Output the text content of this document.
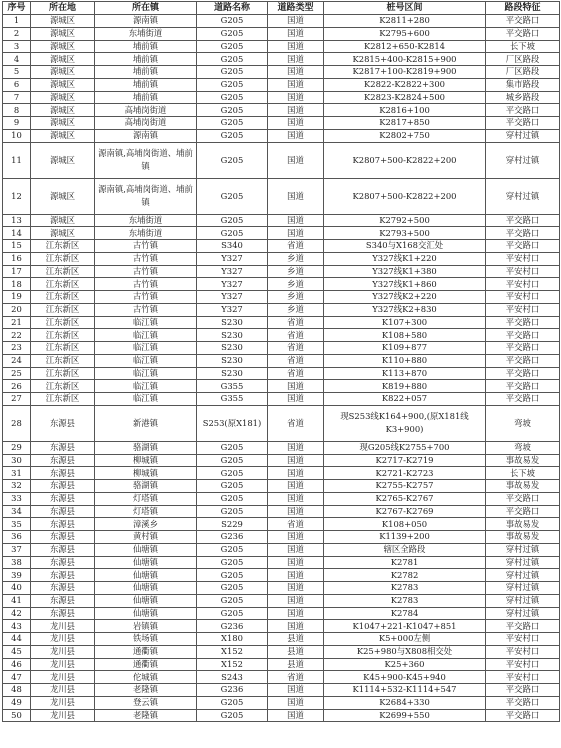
序号	所在地	所在镇	道路名称	道路类型	桩号区间	路段特征
1	源城区	源南镇	G205	国道	K2811+280	平交路口
2	源城区	东埔街道	G205	国道	K2795+600	平交路口
3	源城区	埔前镇	G205	国道	K2812+650-K2814	长下坡
4	源城区	埔前镇	G205	国道	K2815+400-K2815+900	厂区路段
5	源城区	埔前镇	G205	国道	K2817+100-K2819+900	厂区路段
6	源城区	埔前镇	G205	国道	K2822-K2822+300	集市路段
7	源城区	埔前镇	G205	国道	K2823-K2824+500	城乡路段
8	源城区	高埔岗街道	G205	国道	K2816+100	平交路口
9	源城区	高埔岗街道	G205	国道	K2817+850	平交路口
10	源城区	源南镇	G205	国道	K2802+750	穿村过镇
11	源城区	源南镇,高埔岗街道、埔前镇	G205	国道	K2807+500-K2822+200	穿村过镇
12	源城区	源南镇,高埔岗街道、埔前镇	G205	国道	K2807+500-K2822+200	穿村过镇
13	源城区	东埔街道	G205	国道	K2792+500	平交路口
14	源城区	东埔街道	G205	国道	K2793+500	平交路口
15	江东新区	古竹镇	S340	省道	S340与X168交汇处	平交路口
16	江东新区	古竹镇	Y327	乡道	Y327线K1+220	平安村口
17	江东新区	古竹镇	Y327	乡道	Y327线K1+380	平安村口
18	江东新区	古竹镇	Y327	乡道	Y327线K1+860	平安村口
19	江东新区	古竹镇	Y327	乡道	Y327线K2+220	平安村口
20	江东新区	古竹镇	Y327	乡道	Y327线K2+830	平安村口
21	江东新区	临江镇	S230	省道	K107+300	平交路口
22	江东新区	临江镇	S230	省道	K108+580	平交路口
23	江东新区	临江镇	S230	省道	K109+877	平交路口
24	江东新区	临江镇	S230	省道	K110+880	平交路口
25	江东新区	临江镇	S230	省道	K113+870	平交路口
26	江东新区	临江镇	G355	国道	K819+880	平交路口
27	江东新区	临江镇	G355	国道	K822+057	平交路口
28	东源县	新港镇	S253(原X181)	省道	现S253线K164+900,(原X181线K3+900)	弯坡
29	东源县	骆湖镇	G205	国道	现G205线K2755+700	弯坡
30	东源县	柳城镇	G205	国道	K2717-K2719	事故易发
31	东源县	柳城镇	G205	国道	K2721-K2723	长下坡
32	东源县	骆湖镇	G205	国道	K2755-K2757	事故易发
33	东源县	灯塔镇	G205	国道	K2765-K2767	平交路口
34	东源县	灯塔镇	G205	国道	K2767-K2769	平交路口
35	东源县	漳溪乡	S229	省道	K108+050	事故易发
36	东源县	黄村镇	G236	国道	K1139+200	事故易发
37	东源县	仙塘镇	G205	国道	辖区全路段	穿村过镇
38	东源县	仙塘镇	G205	国道	K2781	穿村过镇
39	东源县	仙塘镇	G205	国道	K2782	穿村过镇
40	东源县	仙塘镇	G205	国道	K2783	穿村过镇
41	东源县	仙塘镇	G205	国道	K2783	穿村过镇
42	东源县	仙塘镇	G205	国道	K2784	穿村过镇
43	龙川县	岩镇镇	G236	国道	K1047+221-K1047+851	平交路口
44	龙川县	铁场镇	X180	县道	K5+000左侧	平安村口
45	龙川县	通衢镇	X152	县道	K25+980与X808相交处	平安村口
46	龙川县	通衢镇	X152	县道	K25+360	平安村口
47	龙川县	佗城镇	S243	省道	K45+900-K45+940	平安村口
48	龙川县	老隆镇	G236	国道	K1114+532-K1114+547	平交路口
49	龙川县	登云镇	G205	国道	K2684+330	平交路口
50	龙川县	老隆镇	G205	国道	K2699+550	平交路口
